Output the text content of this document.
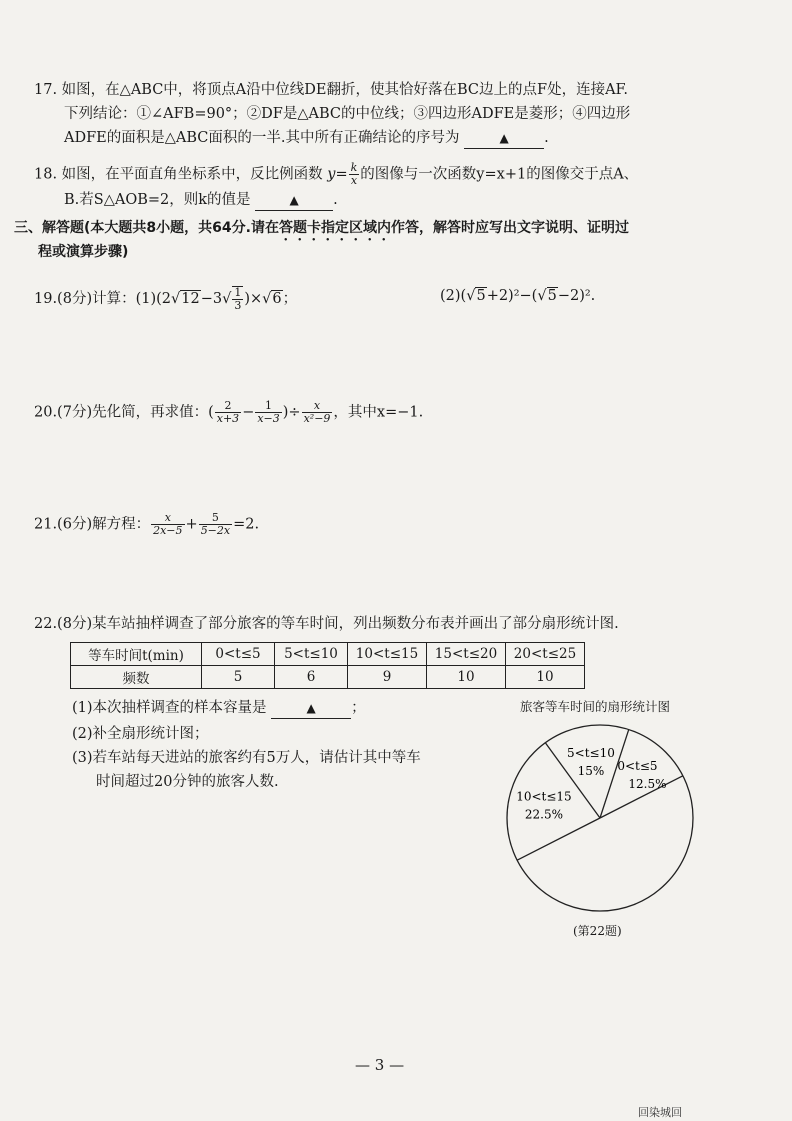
17. 如图，在△ABC中，将顶点A沿中位线DE翻折，使其恰好落在BC边上的点F处，连接AF.
下列结论：①∠AFB=90°；②DF是△ABC的中位线；③四边形ADFE是菱形；④四边形
ADFE的面积是△ABC面积的一半.其中所有正确结论的序号为	▲ .
18. 如图，在平面直角坐标系中，反比例函数 $y= \frac{k}{x}$ 的图像与一次函数y=x+1的图像交于点A、
B.若S△AOB=2，则k的值是	▲ .
三、解答题(本大题共8小题，共64分.请在答题卡指定区域内作答，解答时应写出文字说明、证明过
程或演算步骤)
19.(8分)计算：$(1)(2√12-3√ \frac{1}{3} )\times√6$；	(2)(√5+2)²−(√5−2)².
20.(7分)先化简，再求值：( $\frac{2}{x+3} - \frac{1}{x-3}$ )÷ $\frac{x}{\text{x²−9}}$ ，其中x=−1.
21.(6分)解方程： $\frac{x}{2x-5} + \frac{5}{5-2x} =2$.
22.(8分)某车站抽样调查了部分旅客的等车时间，列出频数分布表并画出了部分扇形统计图.
等车时间t(min)	0<t≤5	5<t≤10	10<t≤15	15<t≤20	20<t≤25
频数	5	6	9	10	10
(1)本次抽样调查的样本容量是	▲ ；
(2)补全扇形统计图；
(3)若车站每天进站的旅客约有5万人，请估计其中等车
时间超过20分钟的旅客人数.
旅客等车时间的扇形统计图
10<t≤15
22.5%
5<t≤10
15% 0<t≤5
12.5%
(第22题)
— 3 —
回染城回
